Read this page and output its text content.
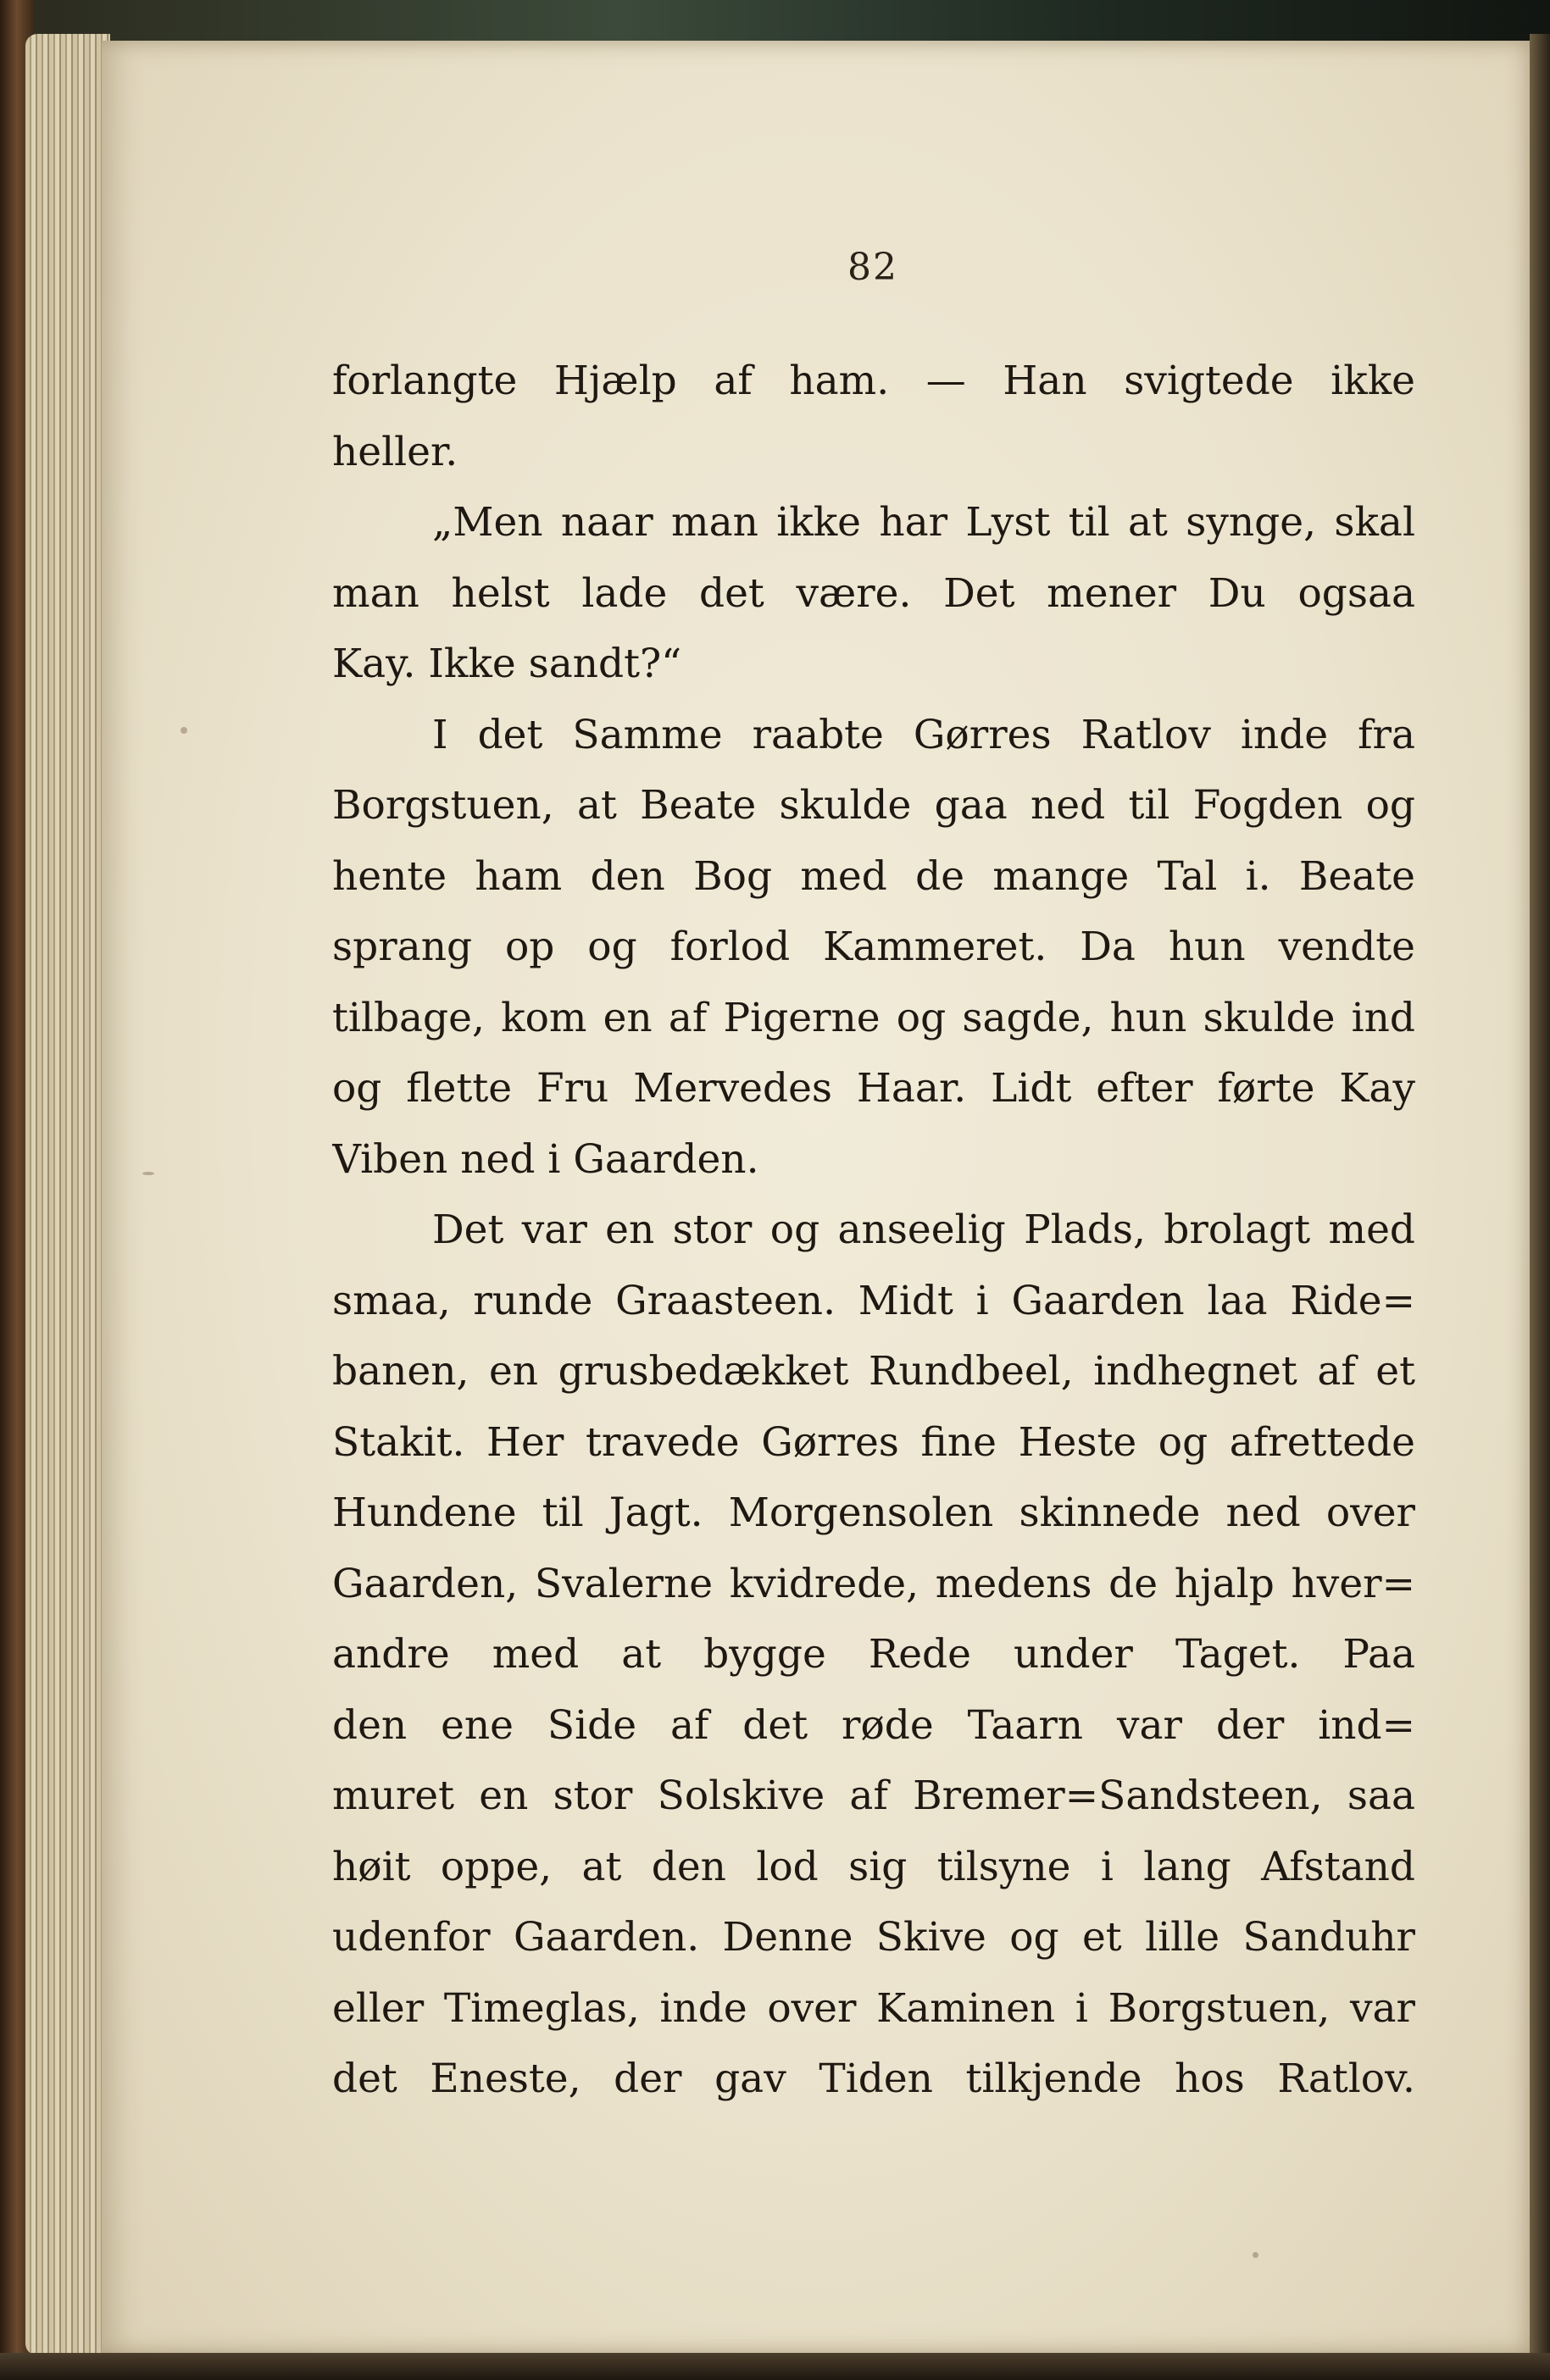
82
forlangte Hjælp af ham. — Han svigtede ikke
heller.
„Men naar man ikke har Lyst til at synge, skal
man helst lade det være. Det mener Du ogsaa
Kay. Ikke sandt?“
I det Samme raabte Gørres Ratlov inde fra
Borgstuen, at Beate skulde gaa ned til Fogden og
hente ham den Bog med de mange Tal i. Beate
sprang op og forlod Kammeret. Da hun vendte
tilbage, kom en af Pigerne og sagde, hun skulde ind
og flette Fru Mervedes Haar. Lidt efter førte Kay
Viben ned i Gaarden.
Det var en stor og anseelig Plads, brolagt med
smaa, runde Graasteen. Midt i Gaarden laa Ride=
banen, en grusbedækket Rundbeel, indhegnet af et
Stakit. Her travede Gørres fine Heste og afrettede
Hundene til Jagt. Morgensolen skinnede ned over
Gaarden, Svalerne kvidrede, medens de hjalp hver=
andre med at bygge Rede under Taget. Paa
den ene Side af det røde Taarn var der ind=
muret en stor Solskive af Bremer=Sandsteen, saa
høit oppe, at den lod sig tilsyne i lang Afstand
udenfor Gaarden. Denne Skive og et lille Sanduhr
eller Timeglas, inde over Kaminen i Borgstuen, var
det Eneste, der gav Tiden tilkjende hos Ratlov.
